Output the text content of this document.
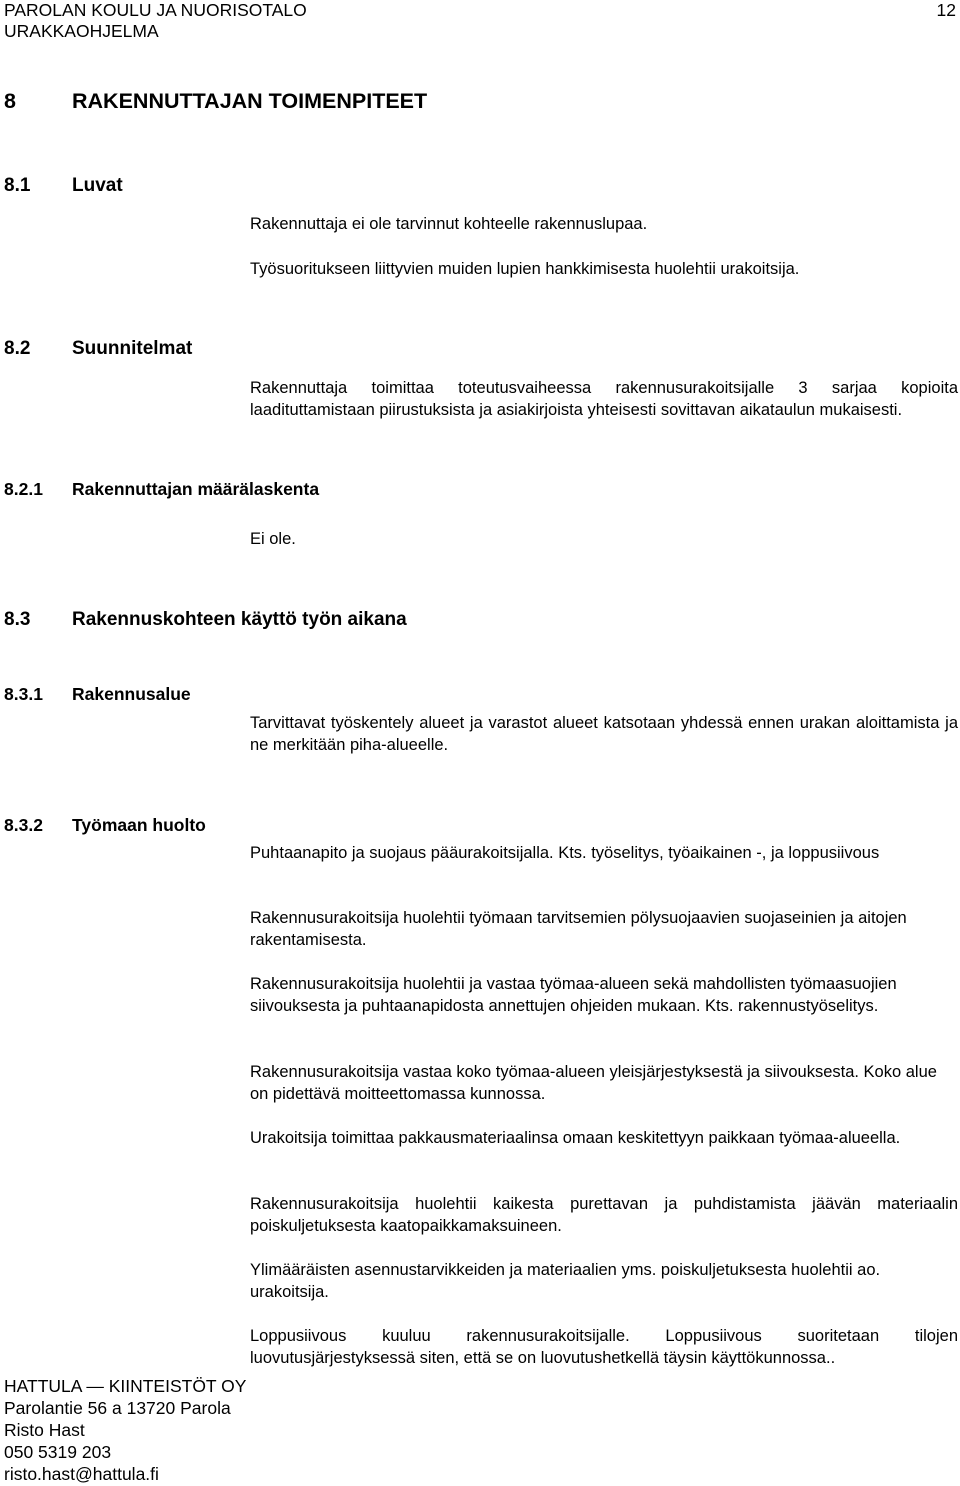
PAROLAN KOULU JA NUORISOTALO
URAKKAOHJELMA
12
8	RAKENNUTTAJAN TOIMENPITEET
8.1 Luvat

Rakennuttaja ei ole tarvinnut kohteelle rakennuslupaa.

Työsuoritukseen liittyvien muiden lupien hankkimisesta huolehtii urakoitsija.

8.2 Suunnitelmat

Rakennuttaja toimittaa toteutusvaiheessa rakennusurakoitsijalle 3 sarjaa kopioita laadituttamistaan piirustuksista ja asiakirjoista yhteisesti sovittavan aikataulun mukaisesti.

8.2.1 Rakennuttajan määrälaskenta

Ei ole.

8.3 Rakennuskohteen käyttö työn aikana
8.3.1 Rakennusalue

Tarvittavat työskentely alueet ja varastot alueet katsotaan yhdessä ennen urakan aloittamista ja ne merkitään piha-alueelle.

8.3.2 Työmaan huolto

Puhtaanapito ja suojaus pääurakoitsijalla. Kts. työselitys, työaikainen -, ja loppusiivous

Rakennusurakoitsija huolehtii työmaan tarvitsemien pölysuojaavien suojaseinien ja aitojen rakentamisesta.

Rakennusurakoitsija huolehtii ja vastaa työmaa-alueen sekä mahdollisten työmaasuojien siivouksesta ja puhtaanapidosta annettujen ohjeiden mukaan. Kts. rakennustyöselitys.

Rakennusurakoitsija vastaa koko työmaa-alueen yleisjärjestyksestä ja siivouksesta. Koko alue on pidettävä moitteettomassa kunnossa.

Urakoitsija toimittaa pakkausmateriaalinsa omaan keskitettyyn paikkaan työmaa-alueella.

Rakennusurakoitsija huolehtii kaikesta purettavan ja puhdistamista jäävän materiaalin poiskuljetuksesta kaatopaikkamaksuineen.

Ylimääräisten asennustarvikkeiden ja materiaalien yms. poiskuljetuksesta huolehtii ao. urakoitsija.

Loppusiivous kuuluu rakennusurakoitsijalle. Loppusiivous suoritetaan tilojen luovutusjärjestyksessä siten, että se on luovutushetkellä täysin käyttökunnossa..

HATTULA — KIINTEISTÖT OY
Parolantie 56 a 13720 Parola
Risto Hast
050 5319 203
risto.hast@hattula.fi
